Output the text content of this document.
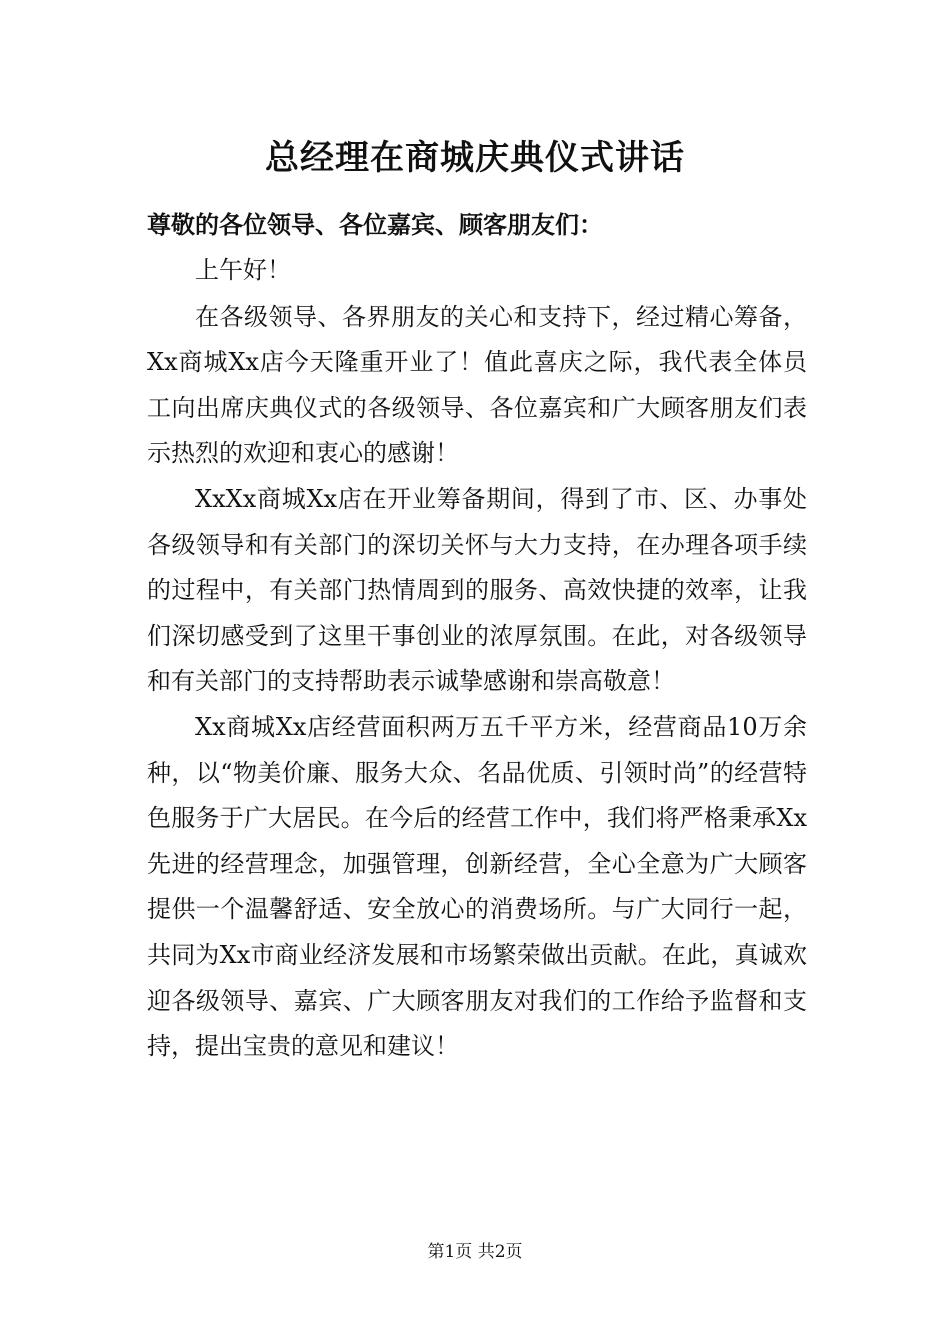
总经理在商城庆典仪式讲话

尊敬的各位领导、各位嘉宾、顾客朋友们：

上午好！

在各级领导、各界朋友的关心和支持下，经过精心筹备，Xx商城Xx店今天隆重开业了！值此喜庆之际，我代表全体员工向出席庆典仪式的各级领导、各位嘉宾和广大顾客朋友们表示热烈的欢迎和衷心的感谢！

XxXx商城Xx店在开业筹备期间，得到了市、区、办事处各级领导和有关部门的深切关怀与大力支持，在办理各项手续的过程中，有关部门热情周到的服务、高效快捷的效率，让我们深切感受到了这里干事创业的浓厚氛围。在此，对各级领导和有关部门的支持帮助表示诚挚感谢和崇高敬意！

Xx商城Xx店经营面积两万五千平方米，经营商品10万余种，以“物美价廉、服务大众、名品优质、引领时尚”的经营特色服务于广大居民。在今后的经营工作中，我们将严格秉承Xx先进的经营理念，加强管理，创新经营，全心全意为广大顾客提供一个温馨舒适、安全放心的消费场所。与广大同行一起，共同为Xx市商业经济发展和市场繁荣做出贡献。在此，真诚欢迎各级领导、嘉宾、广大顾客朋友对我们的工作给予监督和支持，提出宝贵的意见和建议！

第1页 共2页
